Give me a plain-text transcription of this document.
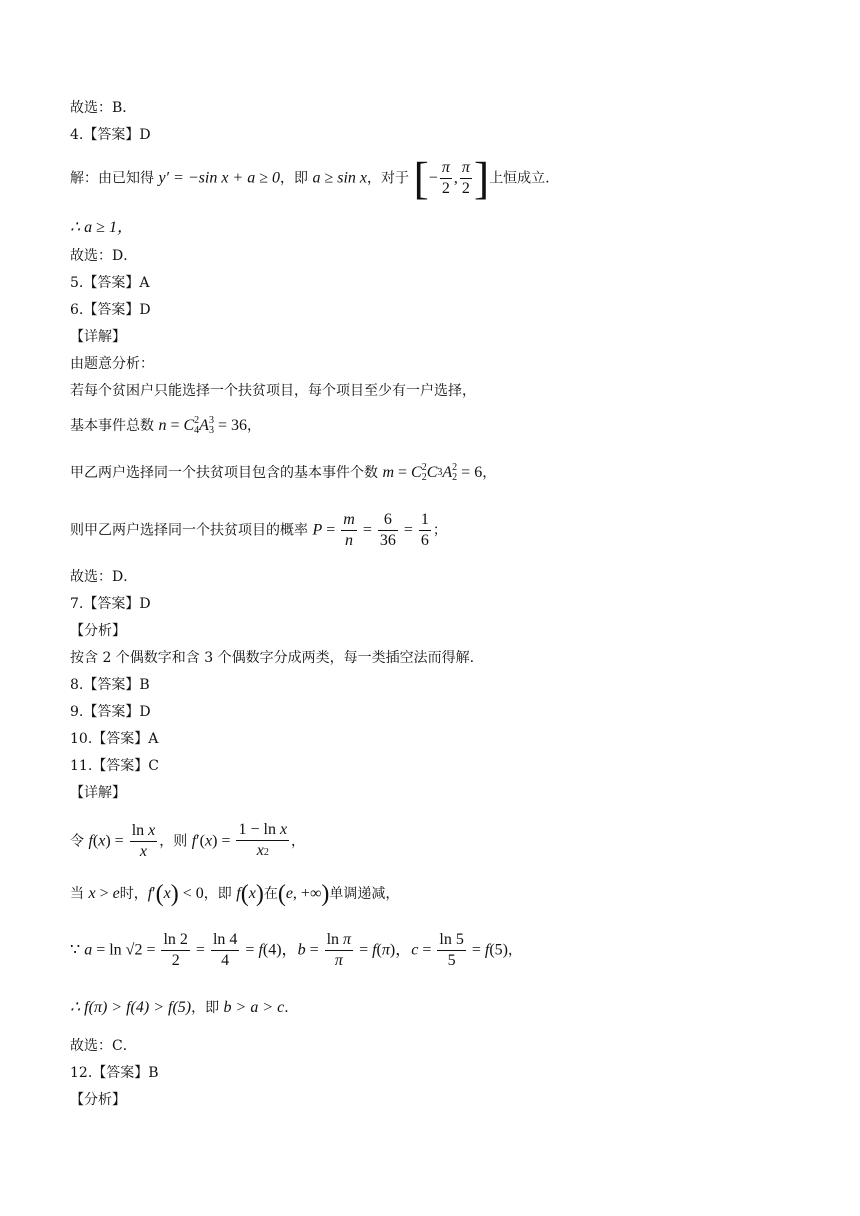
故选：B．
4.【答案】D
解：由已知得 y′ = −sin x + a ≥ 0，即 a ≥ sin x，对于 [− $\frac{\pi}{2}$ , $\frac{\pi}{2}$ ]上恒成立.
∴ a ≥ 1，
故选：D．
5.【答案】A
6.【答案】D
【详解】
由题意分析：
若每个贫困户只能选择一个扶贫项目，每个项目至少有一户选择，
基本事件总数 n = C 2
4 A 3
3 = 36，
甲乙两户选择同一个扶贫项目包含的基本事件个数 m = C 2
2 C 3 A 2
2 = 6，
则甲乙两户选择同一个扶贫项目的概率 $P = \frac{m}{n} = \frac{6}{36} = \frac{1}{6}$ ；
故选：D．
7.【答案】D
【分析】
按含 2 个偶数字和含 3 个偶数字分成两类，每一类插空法而得解.
8.【答案】B
9.【答案】D
10.【答案】A
11.【答案】C
【详解】
令 $f(x) = \frac{\text{ln x}}{x}$ ，则 $f'(x) = \frac{\text{1 − ln x}}{x2}$ ，
当 x > e时，f′(x) < 0，即 f(x)在(e, +∞)单调递减，
∵ $a = \ln √2 = \frac{\ln 2}{2} = \frac{\ln 4}{4} = f(4)$，$b = \frac{\text{ln π}}{\pi} = f(\pi)$，$c = \frac{\ln 5}{5} = f(5)$，
∴ f(π) > f(4) > f(5)，即 b > a > c．
故选：C．
12.【答案】B
【分析】
